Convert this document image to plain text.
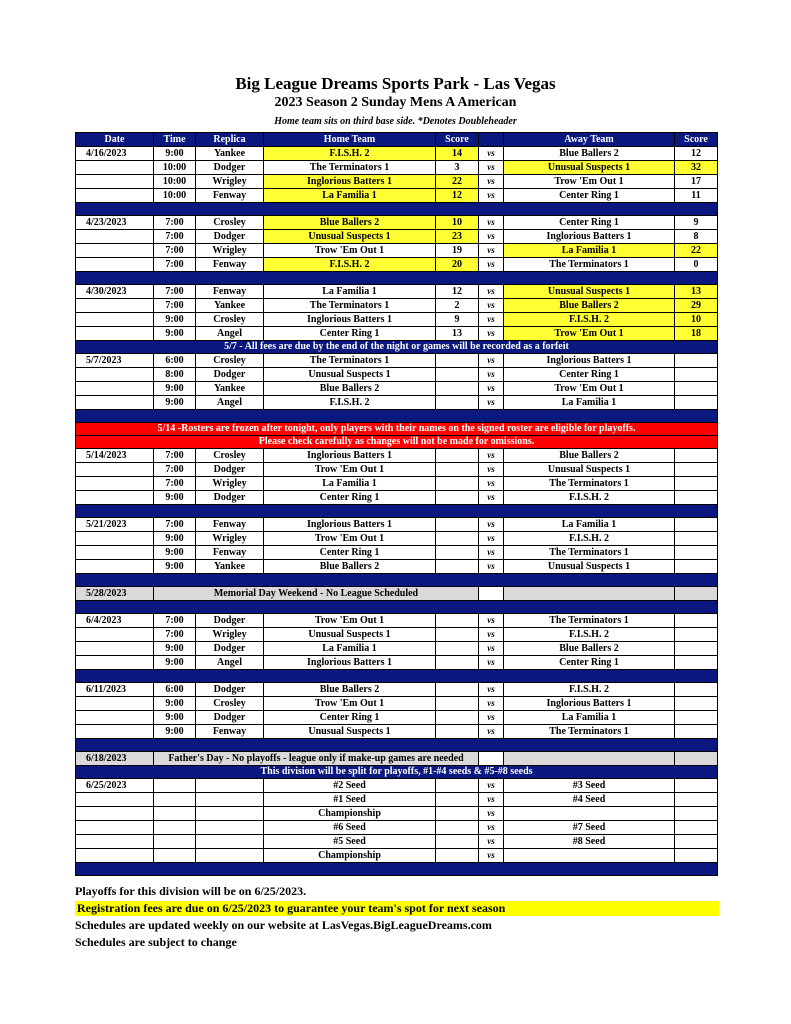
Big League Dreams Sports Park - Las Vegas
2023 Season 2 Sunday Mens A American
Home team sits on third base side. *Denotes Doubleheader
Date	Time	Replica	Home Team	Score		Away Team	Score
4/16/2023	9:00	Yankee	F.I.S.H. 2	14	vs	Blue Ballers 2	12
	10:00	Dodger	The Terminators 1	3	vs	Unusual Suspects 1	32
	10:00	Wrigley	Inglorious Batters 1	22	vs	Trow 'Em Out 1	17
	10:00	Fenway	La Familia 1	12	vs	Center Ring 1	11

4/23/2023	7:00	Crosley	Blue Ballers 2	10	vs	Center Ring 1	9
	7:00	Dodger	Unusual Suspects 1	23	vs	Inglorious Batters 1	8
	7:00	Wrigley	Trow 'Em Out 1	19	vs	La Familia 1	22
	7:00	Fenway	F.I.S.H. 2	20	vs	The Terminators 1	0

4/30/2023	7:00	Fenway	La Familia 1	12	vs	Unusual Suspects 1	13
	7:00	Yankee	The Terminators 1	2	vs	Blue Ballers 2	29
	9:00	Crosley	Inglorious Batters 1	9	vs	F.I.S.H. 2	10
	9:00	Angel	Center Ring 1	13	vs	Trow 'Em Out 1	18
5/7 - All fees are due by the end of the night or games will be recorded as a forfeit							
5/7/2023	6:00	Crosley	The Terminators 1		vs	Inglorious Batters 1	
	8:00	Dodger	Unusual Suspects 1		vs	Center Ring 1	
	9:00	Yankee	Blue Ballers 2		vs	Trow 'Em Out 1	
	9:00	Angel	F.I.S.H. 2		vs	La Familia 1	

5/14 -Rosters are frozen after tonight, only players with their names on the signed roster are eligible for playoffs.							
Please check carefully as changes will not be made for omissions.							
5/14/2023	7:00	Crosley	Inglorious Batters 1		vs	Blue Ballers 2	
	7:00	Dodger	Trow 'Em Out 1		vs	Unusual Suspects 1	
	7:00	Wrigley	La Familia 1		vs	The Terminators 1	
	9:00	Dodger	Center Ring 1		vs	F.I.S.H. 2	

5/21/2023	7:00	Fenway	Inglorious Batters 1		vs	La Familia 1	
	9:00	Wrigley	Trow 'Em Out 1		vs	F.I.S.H. 2	
	9:00	Fenway	Center Ring 1		vs	The Terminators 1	
	9:00	Yankee	Blue Ballers 2		vs	Unusual Suspects 1	

5/28/2023	Memorial Day Weekend - No League Scheduled						

6/4/2023	7:00	Dodger	Trow 'Em Out 1		vs	The Terminators 1	
	7:00	Wrigley	Unusual Suspects 1		vs	F.I.S.H. 2	
	9:00	Dodger	La Familia 1		vs	Blue Ballers 2	
	9:00	Angel	Inglorious Batters 1		vs	Center Ring 1	

6/11/2023	6:00	Dodger	Blue Ballers 2		vs	F.I.S.H. 2	
	9:00	Crosley	Trow 'Em Out 1		vs	Inglorious Batters 1	
	9:00	Dodger	Center Ring 1		vs	La Familia 1	
	9:00	Fenway	Unusual Suspects 1		vs	The Terminators 1	

6/18/2023	Father's Day - No playoffs - league only if make-up games are needed						
This division will be split for playoffs, #1-#4 seeds & #5-#8 seeds							
6/25/2023			#2 Seed		vs	#3 Seed	
			#1 Seed		vs	#4 Seed	
			Championship		vs		
			#6 Seed		vs	#7 Seed	
			#5 Seed		vs	#8 Seed	
			Championship		vs		

Playoffs for this division will be on 6/25/2023.
Registration fees are due on 6/25/2023 to guarantee your team's spot for next season
Schedules are updated weekly on our website at LasVegas.BigLeagueDreams.com
Schedules are subject to change
